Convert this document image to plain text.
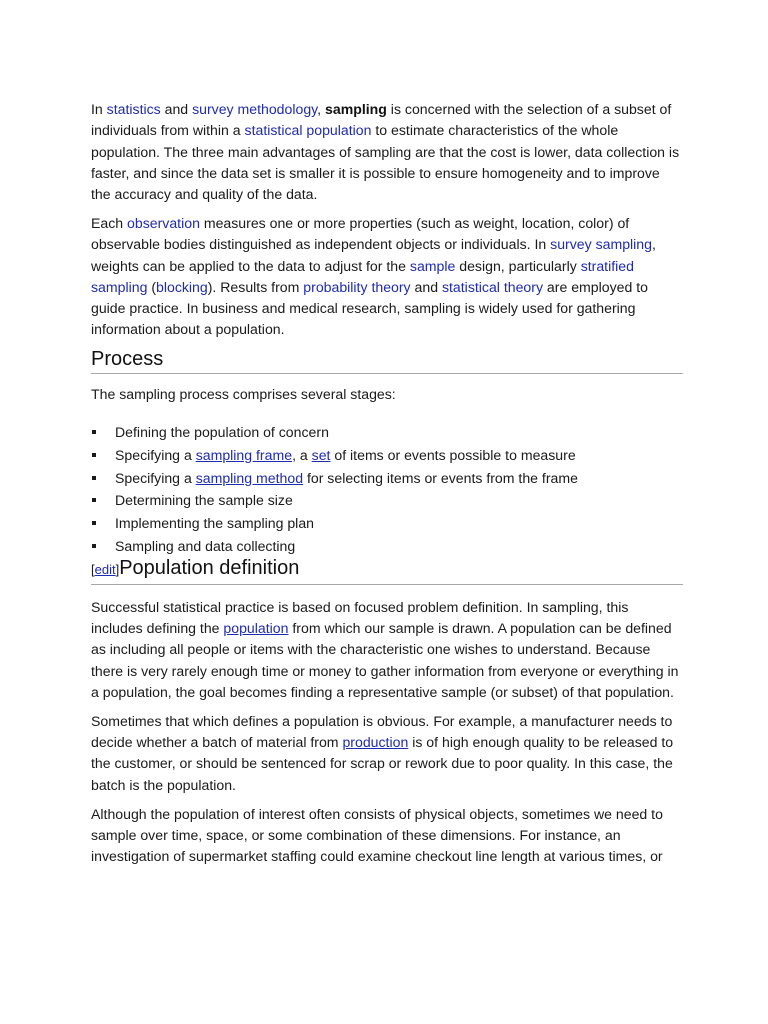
In statistics and survey methodology, sampling is concerned with the selection of a subset of individuals from within a statistical population to estimate characteristics of the whole population. The three main advantages of sampling are that the cost is lower, data collection is faster, and since the data set is smaller it is possible to ensure homogeneity and to improve the accuracy and quality of the data.

Each observation measures one or more properties (such as weight, location, color) of observable bodies distinguished as independent objects or individuals. In survey sampling, weights can be applied to the data to adjust for the sample design, particularly stratified sampling (blocking). Results from probability theory and statistical theory are employed to guide practice. In business and medical research, sampling is widely used for gathering information about a population.

Process

The sampling process comprises several stages:

Defining the population of concern
Specifying a sampling frame, a set of items or events possible to measure
Specifying a sampling method for selecting items or events from the frame
Determining the sample size
Implementing the sampling plan
Sampling and data collecting
[edit]Population definition

Successful statistical practice is based on focused problem definition. In sampling, this includes defining the population from which our sample is drawn. A population can be defined as including all people or items with the characteristic one wishes to understand. Because there is very rarely enough time or money to gather information from everyone or everything in a population, the goal becomes finding a representative sample (or subset) of that population.

Sometimes that which defines a population is obvious. For example, a manufacturer needs to decide whether a batch of material from production is of high enough quality to be released to the customer, or should be sentenced for scrap or rework due to poor quality. In this case, the batch is the population.

Although the population of interest often consists of physical objects, sometimes we need to sample over time, space, or some combination of these dimensions. For instance, an investigation of supermarket staffing could examine checkout line length at various times, or
